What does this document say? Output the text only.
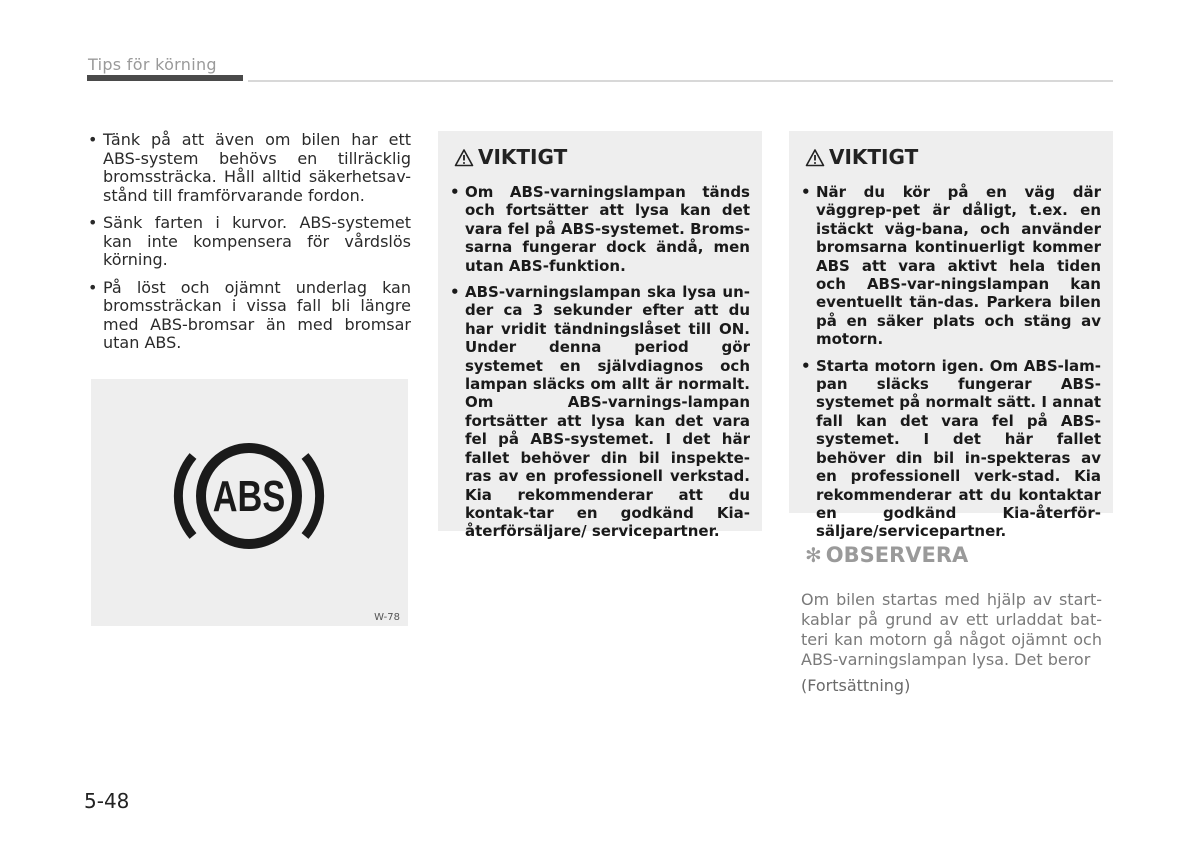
Tips för körning
• Tänk på att även om bilen har ett ABS-system behövs en tillräcklig bromssträcka. Håll alltid säkerhetsav-stånd till framförvarande fordon.
• Sänk farten i kurvor. ABS-systemet kan inte kompensera för vårdslös körning.
• På löst och ojämnt underlag kan bromssträckan i vissa fall bli längre med ABS-bromsar än med bromsar utan ABS.
ABS
W-78
VIKTIGT
• Om ABS-varningslampan tänds och fortsätter att lysa kan det vara fel på ABS-systemet. Broms-sarna fungerar dock ändå, men utan ABS-funktion.
• ABS-varningslampan ska lysa un-der ca 3 sekunder efter att du har vridit tändningslåset till ON. Under denna period gör systemet en självdiagnos och lampan släcks om allt är normalt. Om ABS-varnings-lampan fortsätter att lysa kan det vara fel på ABS-systemet. I det här fallet behöver din bil inspekte-ras av en professionell verkstad. Kia rekommenderar att du kontak-tar en godkänd Kia-återförsäljare/ servicepartner.
VIKTIGT
• När du kör på en väg där väggrep-pet är dåligt, t.ex. en istäckt väg-bana, och använder bromsarna kontinuerligt kommer ABS att vara aktivt hela tiden och ABS-var-ningslampan kan eventuellt tän-das. Parkera bilen på en säker plats och stäng av motorn.
• Starta motorn igen. Om ABS-lam-pan släcks fungerar ABS-systemet på normalt sätt. I annat fall kan det vara fel på ABS-systemet. I det här fallet behöver din bil in-spekteras av en professionell verk-stad. Kia rekommenderar att du kontaktar en godkänd Kia-återför-säljare/servicepartner.
✻ OBSERVERA
Om bilen startas med hjälp av start-kablar på grund av ett urladdat bat-teri kan motorn gå något ojämnt och ABS-varningslampan lysa. Det beror
(Fortsättning)
5-48
